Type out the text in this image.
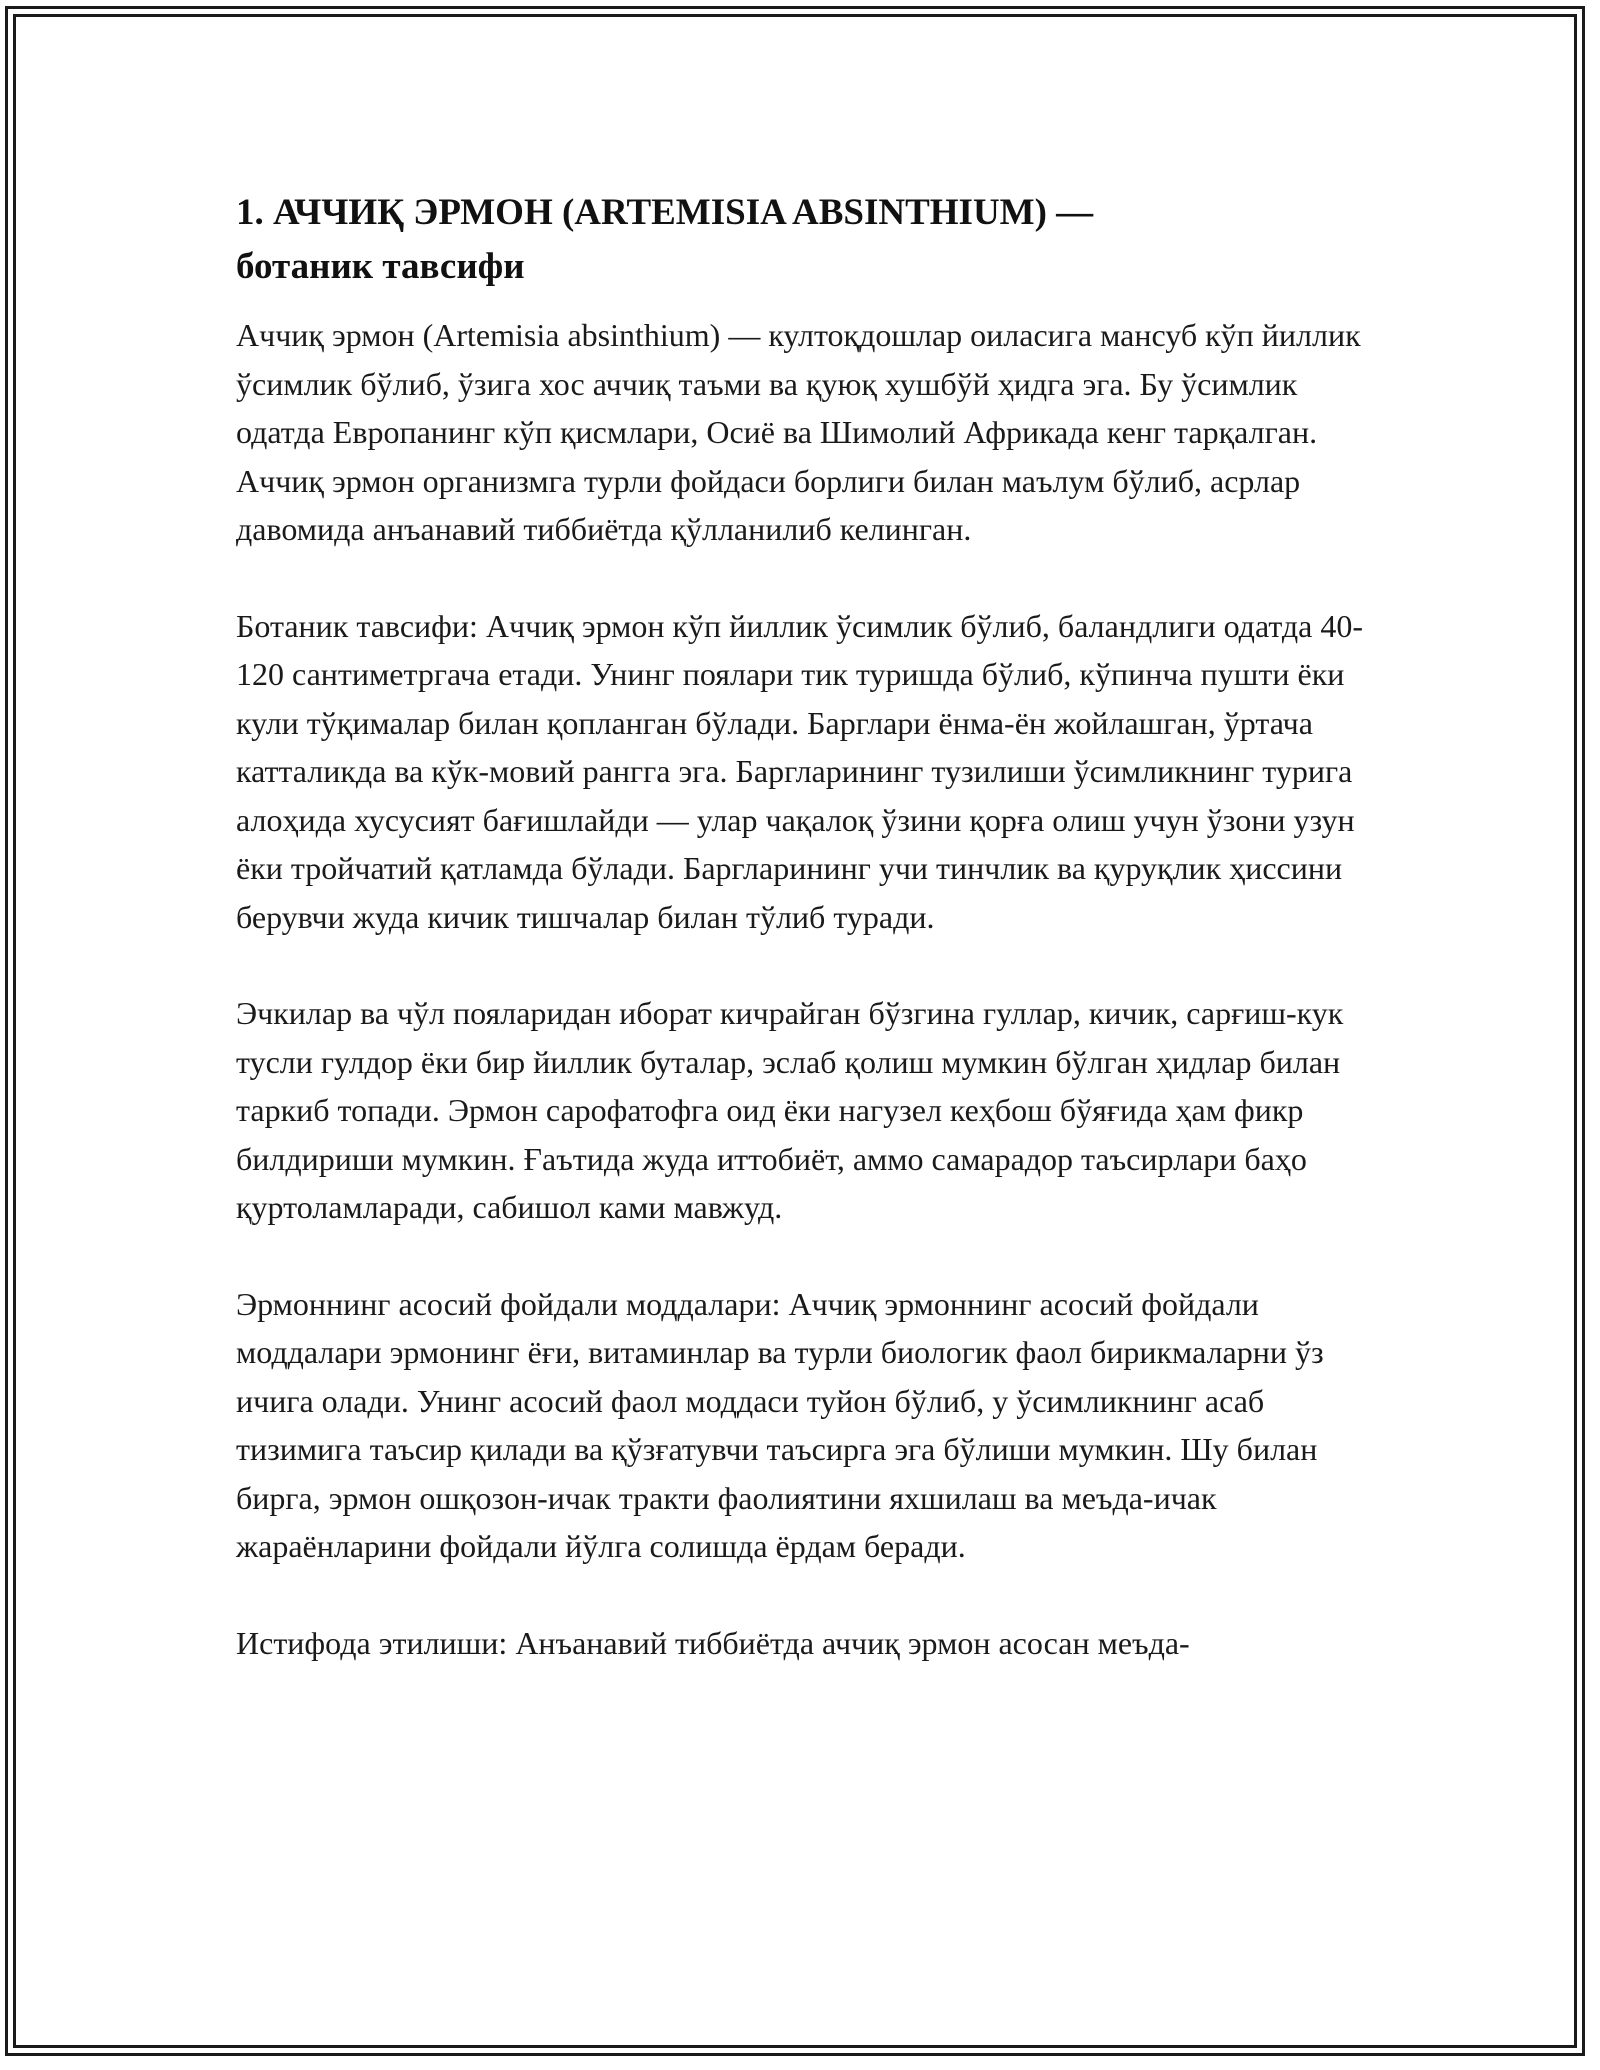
1. АЧЧИҚ ЭРМОН (ARTEMISIA ABSINTHIUM) —
ботаник тавсифи

Аччиқ эрмон (Artemisia absinthium) — култоқдошлар оиласига мансуб кўп йиллик ўсимлик бўлиб, ўзига хос аччиқ таъми ва қуюқ хушбўй ҳидга эга. Бу ўсимлик одатда Европанинг кўп қисмлари, Осиё ва Шимолий Африкада кенг тарқалган. Аччиқ эрмон организмга турли фойдаси борлиги билан маълум бўлиб, асрлар давомида анъанавий тиббиётда қўлланилиб келинган.

Ботаник тавсифи: Аччиқ эрмон кўп йиллик ўсимлик бўлиб, баландлиги одатда 40-120 сантиметргача етади. Унинг поялари тик туришда бўлиб, кўпинча пушти ёки кули тўқималар билан қопланган бўлади. Барглари ёнма-ён жойлашган, ўртача катталикда ва кўк-мовий рангга эга. Баргларининг тузилиши ўсимликнинг турига алоҳида хусусият бағишлайди — улар чақалоқ ўзини қорға олиш учун ўзони узун ёки тройчатий қатламда бўлади. Баргларининг учи тинчлик ва қуруқлик ҳиссини берувчи жуда кичик тишчалар билан тўлиб туради.

Эчкилар ва чўл пояларидан иборат кичрайган бўзгина гуллар, кичик, сарғиш-кук тусли гулдор ёки бир йиллик буталар, эслаб қолиш мумкин бўлган ҳидлар билан таркиб топади. Эрмон сарофатофга оид ёки нагузел кеҳбош бўяғида ҳам фикр билдириши мумкин. Ғаътида жуда иттобиёт, аммо самарадор таъсирлари баҳо қуртоламларади, сабишол ками мавжуд.

Эрмоннинг асосий фойдали моддалари: Аччиқ эрмоннинг асосий фойдали моддалари эрмонинг ёғи, витаминлар ва турли биологик фаол бирикмаларни ўз ичига олади. Унинг асосий фаол моддаси туйон бўлиб, у ўсимликнинг асаб тизимига таъсир қилади ва қўзғатувчи таъсирга эга бўлиши мумкин. Шу билан бирга, эрмон ошқозон-ичак тракти фаолиятини яхшилаш ва меъда-ичак жараёнларини фойдали йўлга солишда ёрдам беради.

Истифода этилиши: Анъанавий тиббиётда аччиқ эрмон асосан меъда-
